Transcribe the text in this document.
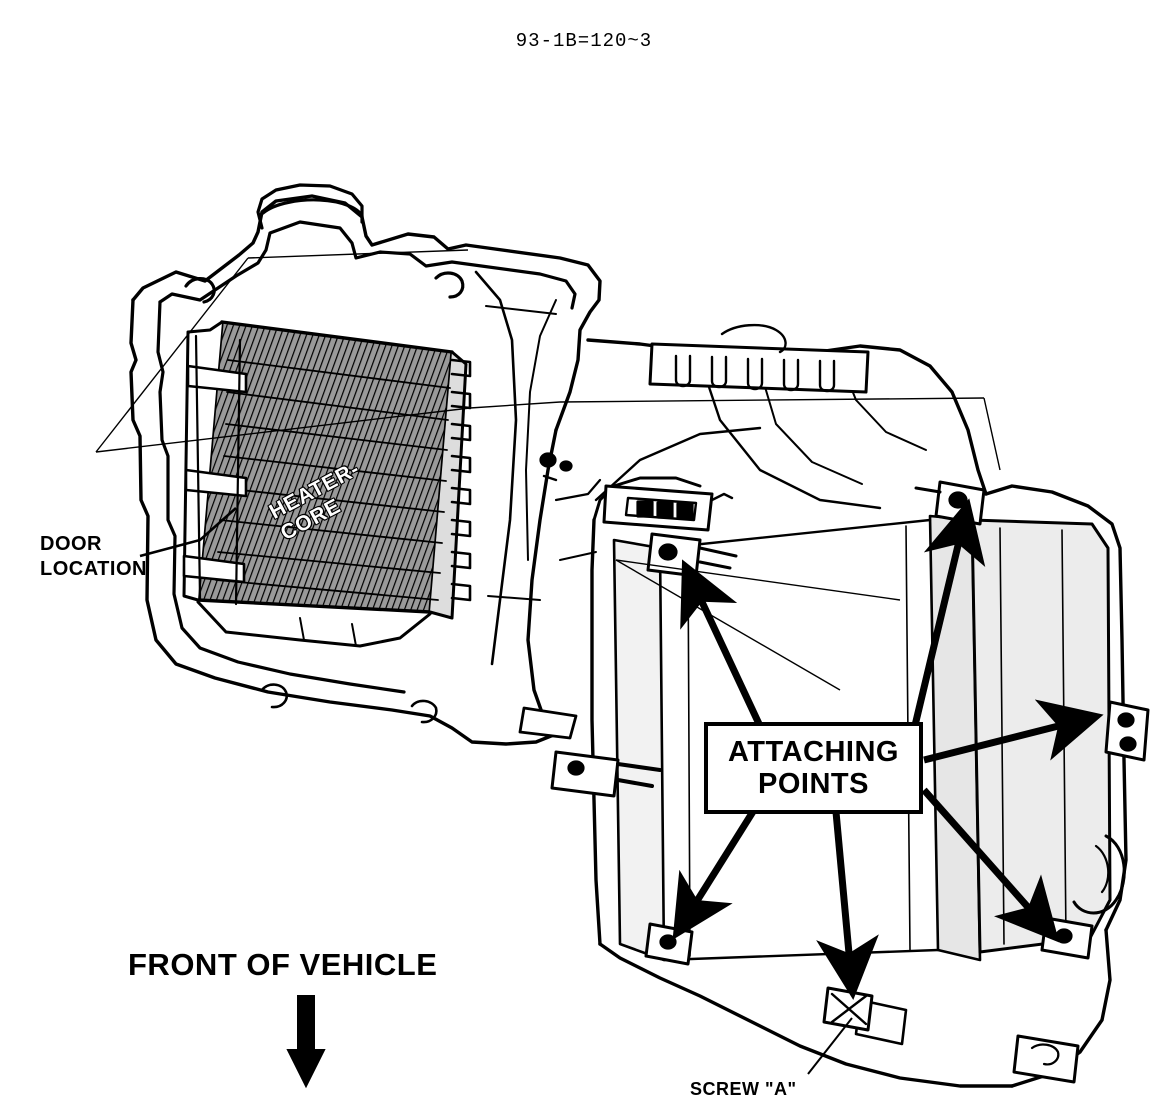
93-1B=120~3
DOOR
LOCATION
HEATER-CORE
ATTACHING
POINTS
FRONT OF VEHICLE
SCREW "A"
